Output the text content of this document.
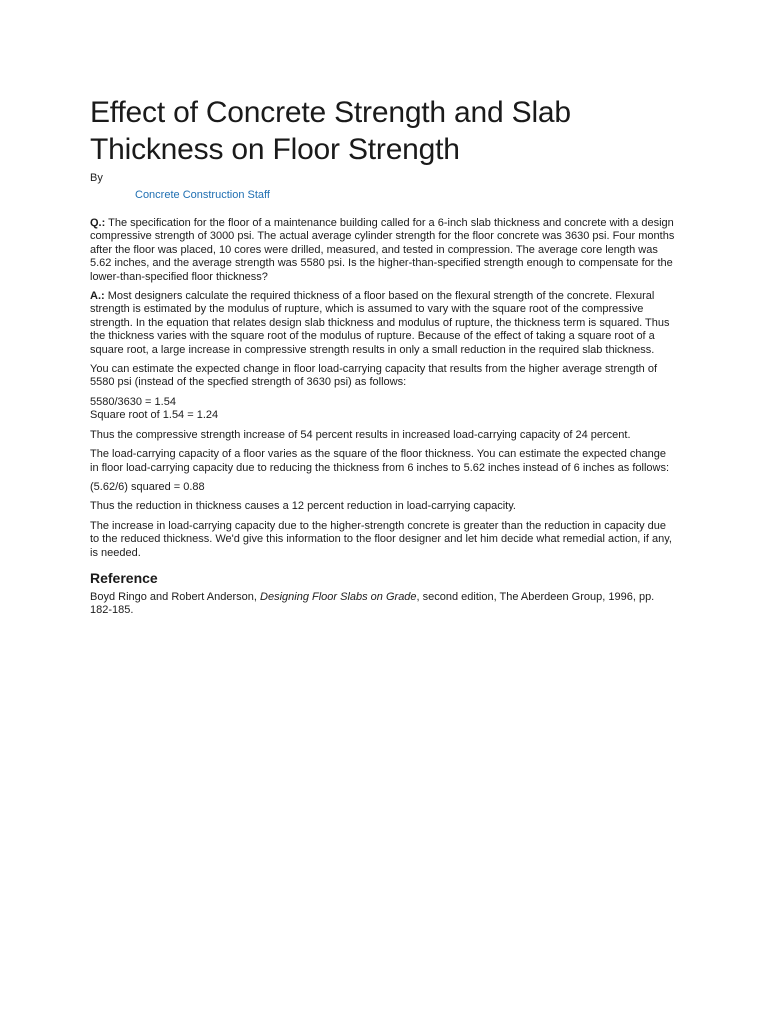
Effect of Concrete Strength and Slab Thickness on Floor Strength
By
Concrete Construction Staff

Q.: The specification for the floor of a maintenance building called for a 6-inch slab thickness and concrete with a design compressive strength of 3000 psi. The actual average cylinder strength for the floor concrete was 3630 psi. Four months after the floor was placed, 10 cores were drilled, measured, and tested in compression. The average core length was 5.62 inches, and the average strength was 5580 psi. Is the higher-than-specified strength enough to compensate for the lower-than-specified floor thickness?

A.: Most designers calculate the required thickness of a floor based on the flexural strength of the concrete. Flexural strength is estimated by the modulus of rupture, which is assumed to vary with the square root of the compressive strength. In the equation that relates design slab thickness and modulus of rupture, the thickness term is squared. Thus the thickness varies with the square root of the modulus of rupture. Because of the effect of taking a square root of a square root, a large increase in compressive strength results in only a small reduction in the required slab thickness.

You can estimate the expected change in floor load-carrying capacity that results from the higher average strength of 5580 psi (instead of the specfied strength of 3630 psi) as follows:

5580/3630 = 1.54

Square root of 1.54 = 1.24

Thus the compressive strength increase of 54 percent results in increased load-carrying capacity of 24 percent.

The load-carrying capacity of a floor varies as the square of the floor thickness. You can estimate the expected change in floor load-carrying capacity due to reducing the thickness from 6 inches to 5.62 inches instead of 6 inches as follows:

(5.62/6) squared = 0.88

Thus the reduction in thickness causes a 12 percent reduction in load-carrying capacity.

The increase in load-carrying capacity due to the higher-strength concrete is greater than the reduction in capacity due to the reduced thickness. We'd give this information to the floor designer and let him decide what remedial action, if any, is needed.

Reference

Boyd Ringo and Robert Anderson, Designing Floor Slabs on Grade, second edition, The Aberdeen Group, 1996, pp. 182-185.
